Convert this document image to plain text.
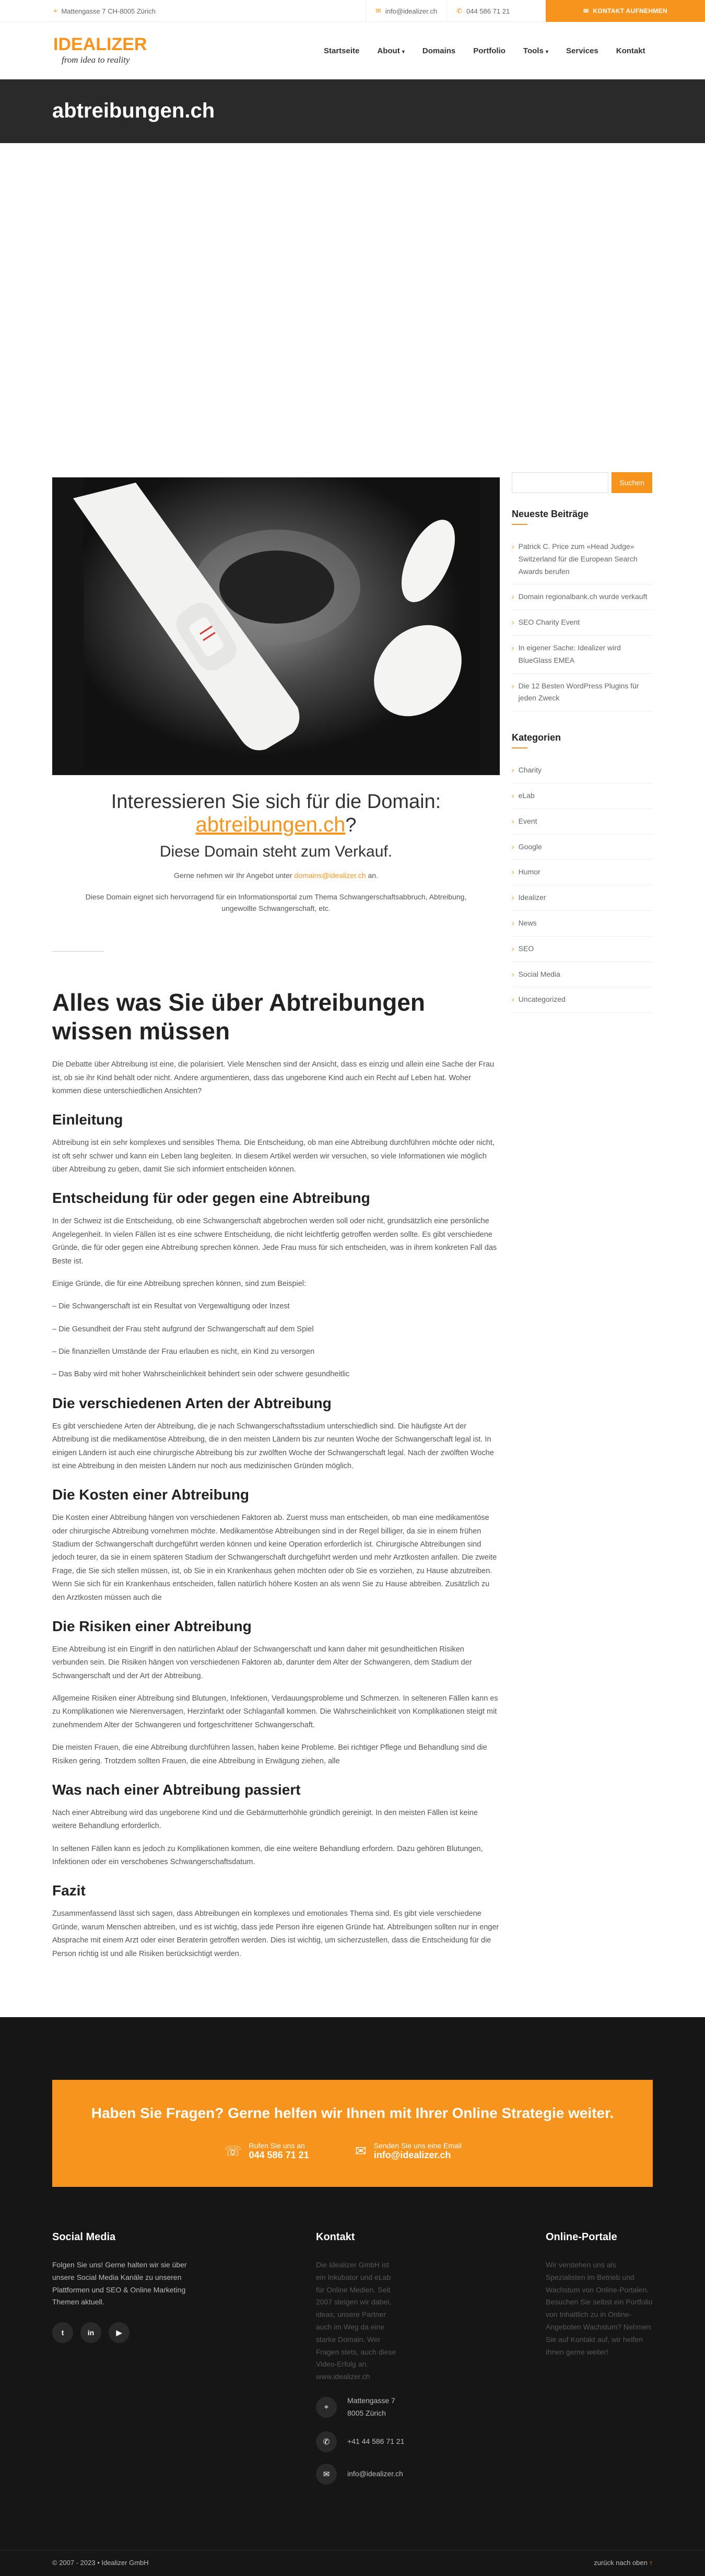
⌖ Mattengasse 7 CH-8005 Zürich	✉ info@idealizer.ch	✆ 044 586 71 21	✉ KONTAKT AUFNEHMEN
IDEALIZER
from idea to reality
Startseite About ▾ Domains Portfolio Tools ▾ Services Kontakt
abtreibungen.ch
Interessieren Sie sich für die Domain:
abtreibungen.ch?
Diese Domain steht zum Verkauf.
Gerne nehmen wir Ihr Angebot unter domains@idealizer.ch an.
Diese Domain eignet sich hervorragend für ein Informationsportal zum Thema Schwangerschaftsabbruch, Abtreibung, ungewollte Schwangerschaft, etc.
Alles was Sie über Abtreibungen wissen müssen

Die Debatte über Abtreibung ist eine, die polarisiert. Viele Menschen sind der Ansicht, dass es einzig und allein eine Sache der Frau ist, ob sie ihr Kind behält oder nicht. Andere argumentieren, dass das ungeborene Kind auch ein Recht auf Leben hat. Woher kommen diese unterschiedlichen Ansichten?

Einleitung

Abtreibung ist ein sehr komplexes und sensibles Thema. Die Entscheidung, ob man eine Abtreibung durchführen möchte oder nicht, ist oft sehr schwer und kann ein Leben lang begleiten. In diesem Artikel werden wir versuchen, so viele Informationen wie möglich über Abtreibung zu geben, damit Sie sich informiert entscheiden können.

Entscheidung für oder gegen eine Abtreibung

In der Schweiz ist die Entscheidung, ob eine Schwangerschaft abgebrochen werden soll oder nicht, grundsätzlich eine persönliche Angelegenheit. In vielen Fällen ist es eine schwere Entscheidung, die nicht leichtfertig getroffen werden sollte. Es gibt verschiedene Gründe, die für oder gegen eine Abtreibung sprechen können. Jede Frau muss für sich entscheiden, was in ihrem konkreten Fall das Beste ist.

Einige Gründe, die für eine Abtreibung sprechen können, sind zum Beispiel:

– Die Schwangerschaft ist ein Resultat von Vergewaltigung oder Inzest

– Die Gesundheit der Frau steht aufgrund der Schwangerschaft auf dem Spiel

– Die finanziellen Umstände der Frau erlauben es nicht, ein Kind zu versorgen

– Das Baby wird mit hoher Wahrscheinlichkeit behindert sein oder schwere gesundheitlic

Die verschiedenen Arten der Abtreibung

Es gibt verschiedene Arten der Abtreibung, die je nach Schwangerschaftsstadium unterschiedlich sind. Die häufigste Art der Abtreibung ist die medikamentöse Abtreibung, die in den meisten Ländern bis zur neunten Woche der Schwangerschaft legal ist. In einigen Ländern ist auch eine chirurgische Abtreibung bis zur zwölften Woche der Schwangerschaft legal. Nach der zwölften Woche ist eine Abtreibung in den meisten Ländern nur noch aus medizinischen Gründen möglich.

Die Kosten einer Abtreibung

Die Kosten einer Abtreibung hängen von verschiedenen Faktoren ab. Zuerst muss man entscheiden, ob man eine medikamentöse oder chirurgische Abtreibung vornehmen möchte. Medikamentöse Abtreibungen sind in der Regel billiger, da sie in einem frühen Stadium der Schwangerschaft durchgeführt werden können und keine Operation erforderlich ist. Chirurgische Abtreibungen sind jedoch teurer, da sie in einem späteren Stadium der Schwangerschaft durchgeführt werden und mehr Arztkosten anfallen. Die zweite Frage, die Sie sich stellen müssen, ist, ob Sie in ein Krankenhaus gehen möchten oder ob Sie es vorziehen, zu Hause abzutreiben. Wenn Sie sich für ein Krankenhaus entscheiden, fallen natürlich höhere Kosten an als wenn Sie zu Hause abtreiben. Zusätzlich zu den Arztkosten müssen auch die

Die Risiken einer Abtreibung

Eine Abtreibung ist ein Eingriff in den natürlichen Ablauf der Schwangerschaft und kann daher mit gesundheitlichen Risiken verbunden sein. Die Risiken hängen von verschiedenen Faktoren ab, darunter dem Alter der Schwangeren, dem Stadium der Schwangerschaft und der Art der Abtreibung.

Allgemeine Risiken einer Abtreibung sind Blutungen, Infektionen, Verdauungsprobleme und Schmerzen. In selteneren Fällen kann es zu Komplikationen wie Nierenversagen, Herzinfarkt oder Schlaganfall kommen. Die Wahrscheinlichkeit von Komplikationen steigt mit zunehmendem Alter der Schwangeren und fortgeschrittener Schwangerschaft.

Die meisten Frauen, die eine Abtreibung durchführen lassen, haben keine Probleme. Bei richtiger Pflege und Behandlung sind die Risiken gering. Trotzdem sollten Frauen, die eine Abtreibung in Erwägung ziehen, alle

Was nach einer Abtreibung passiert

Nach einer Abtreibung wird das ungeborene Kind und die Gebärmutterhöhle gründlich gereinigt. In den meisten Fällen ist keine weitere Behandlung erforderlich.

In seltenen Fällen kann es jedoch zu Komplikationen kommen, die eine weitere Behandlung erfordern. Dazu gehören Blutungen, Infektionen oder ein verschobenes Schwangerschaftsdatum.

Fazit

Zusammenfassend lässt sich sagen, dass Abtreibungen ein komplexes und emotionales Thema sind. Es gibt viele verschiedene Gründe, warum Menschen abtreiben, und es ist wichtig, dass jede Person ihre eigenen Gründe hat. Abtreibungen sollten nur in enger Absprache mit einem Arzt oder einer Beraterin getroffen werden. Dies ist wichtig, um sicherzustellen, dass die Entscheidung für die Person richtig ist und alle Risiken berücksichtigt werden.

Suchen
Neueste Beiträge
› Patrick C. Price zum «Head Judge» Switzerland für die European Search Awards berufen
› Domain regionalbank.ch wurde verkauft
› SEO Charity Event
› In eigener Sache: Idealizer wird BlueGlass EMEA
› Die 12 Besten WordPress Plugins für jeden Zweck
Kategorien
› Charity
› eLab
› Event
› Google
› Humor
› Idealizer
› News
› SEO
› Social Media
› Uncategorized
Haben Sie Fragen? Gerne helfen wir Ihnen mit Ihrer Online Strategie weiter.
☏ Rufen Sie uns an
044 586 71 21	✉ Senden Sie uns eine Email
info@idealizer.ch
Social Media

Folgen Sie uns! Gerne halten wir sie über unsere Social Media Kanäle zu unseren Plattformen und SEO & Online Marketing Themen aktuell.

t	in	▶
Kontakt

Die Idealizer GmbH ist ein Inkubator und eLab für Online Medien. Seit 2007 steigen wir dabei, ideas, unsere Partner auch im Weg da eine starke Domain. Wer Fragen stets, auch diese Video-Erfolg an. www.idealizer.ch

⌖

Mattengasse 7
8005 Zürich

✆	+41 44 586 71 21

✉	info@idealizer.ch

Online-Portale

Wir verstehen uns als Spezialisten im Betrieb und Wachstum von Online-Portalen. Besuchen Sie selbst ein Portfolio von Inhaltlich zu in Online-Angeboten Wachstum? Nehmen Sie auf Kontakt auf, wir helfen Ihnen gerne weiter!

© 2007 - 2023 • Idealizer GmbH	zurück nach oben ↑
